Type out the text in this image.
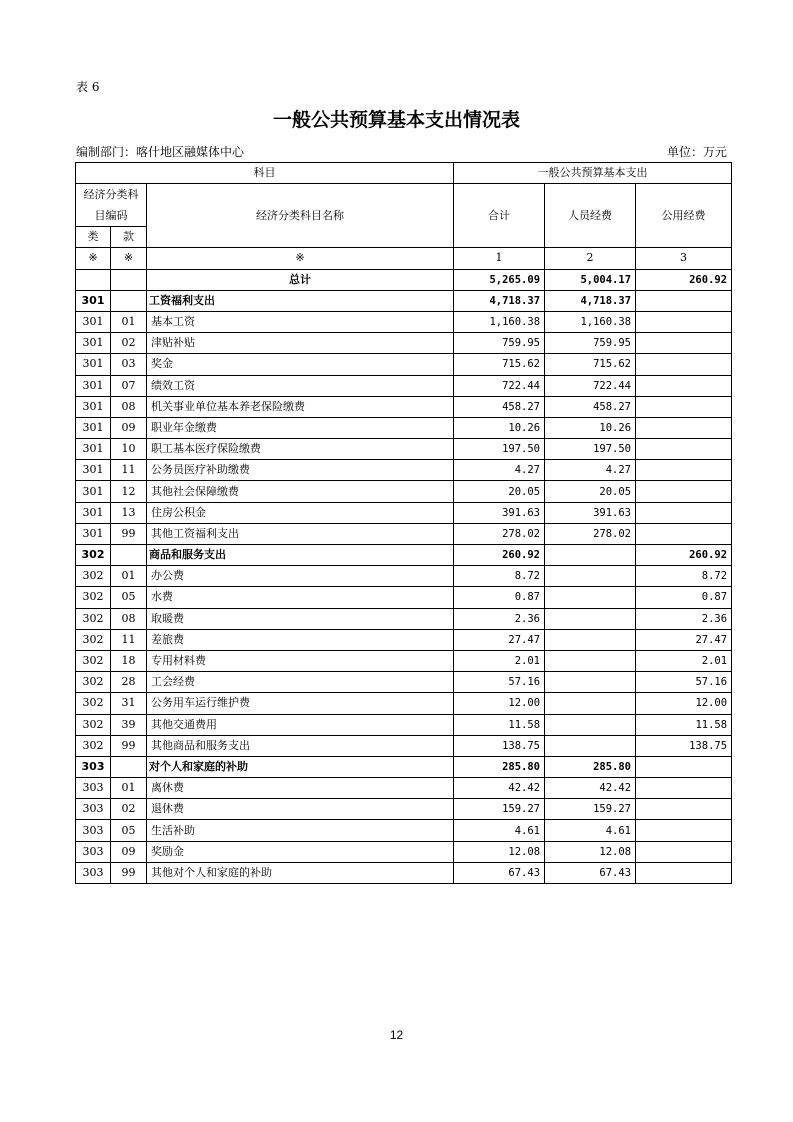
表 6
一般公共预算基本支出情况表
编制部门：喀什地区融媒体中心	单位：万元
科目			一般公共预算基本支出		
经济分类科目编码		经济分类科目名称	合计	人员经费	公用经费
类	款				
※	※	※	1	2	3
		总计	5,265.09	5,004.17	260.92
301		工资福利支出	4,718.37	4,718.37	
301	01	基本工资	1,160.38	1,160.38	
301	02	津贴补贴	759.95	759.95	
301	03	奖金	715.62	715.62	
301	07	绩效工资	722.44	722.44	
301	08	机关事业单位基本养老保险缴费	458.27	458.27	
301	09	职业年金缴费	10.26	10.26	
301	10	职工基本医疗保险缴费	197.50	197.50	
301	11	公务员医疗补助缴费	4.27	4.27	
301	12	其他社会保障缴费	20.05	20.05	
301	13	住房公积金	391.63	391.63	
301	99	其他工资福利支出	278.02	278.02	
302		商品和服务支出	260.92		260.92
302	01	办公费	8.72		8.72
302	05	水费	0.87		0.87
302	08	取暖费	2.36		2.36
302	11	差旅费	27.47		27.47
302	18	专用材料费	2.01		2.01
302	28	工会经费	57.16		57.16
302	31	公务用车运行维护费	12.00		12.00
302	39	其他交通费用	11.58		11.58
302	99	其他商品和服务支出	138.75		138.75
303		对个人和家庭的补助	285.80	285.80	
303	01	离休费	42.42	42.42	
303	02	退休费	159.27	159.27	
303	05	生活补助	4.61	4.61	
303	09	奖励金	12.08	12.08	
303	99	其他对个人和家庭的补助	67.43	67.43	
12
